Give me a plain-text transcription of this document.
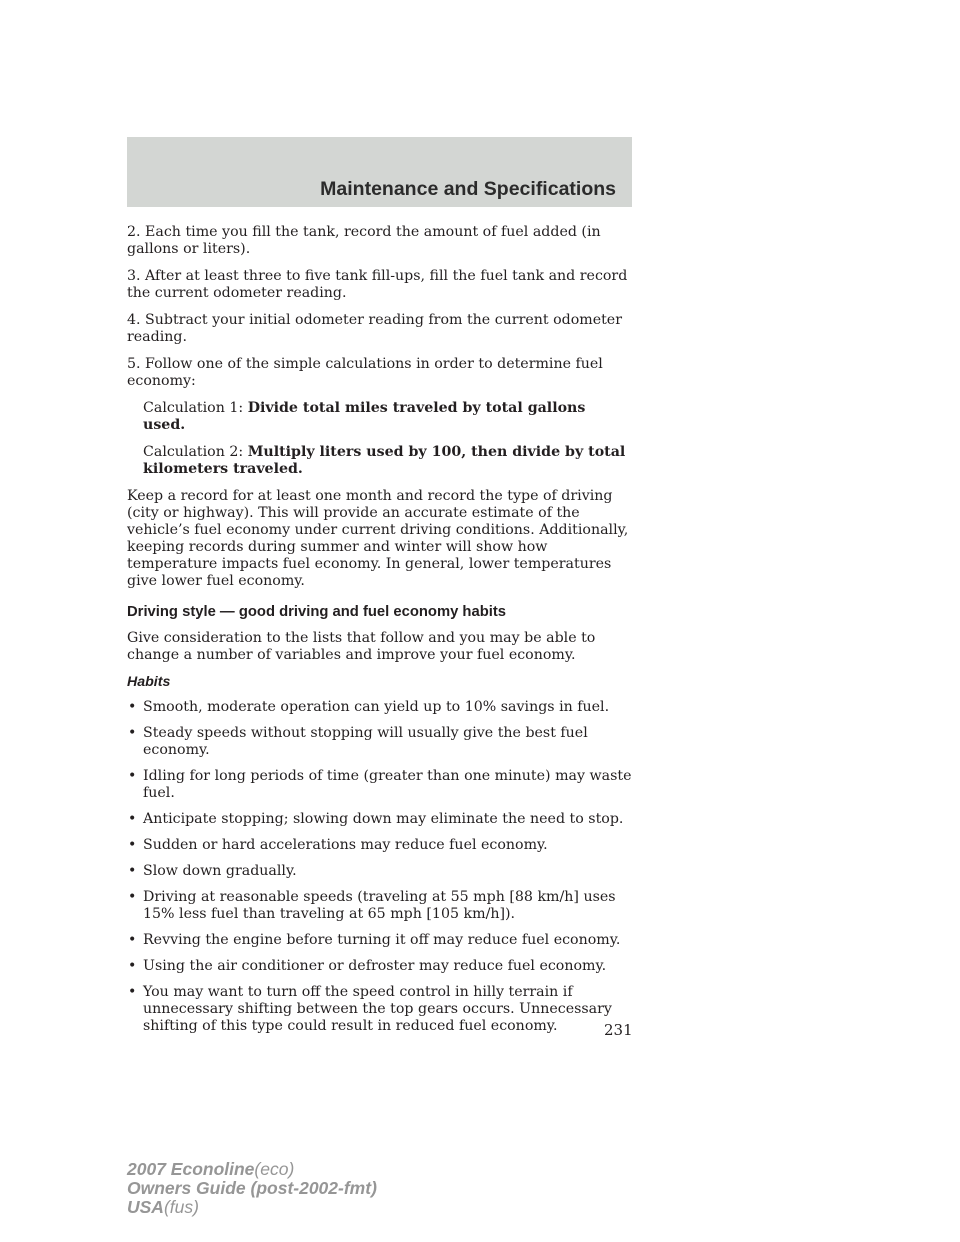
Maintenance and Specifications

2. Each time you fill the tank, record the amount of fuel added (in gallons or liters).

3. After at least three to five tank fill-ups, fill the fuel tank and record the current odometer reading.

4. Subtract your initial odometer reading from the current odometer reading.

5. Follow one of the simple calculations in order to determine fuel economy:

Calculation 1: Divide total miles traveled by total gallons used.

Calculation 2: Multiply liters used by 100, then divide by total kilometers traveled.

Keep a record for at least one month and record the type of driving (city or highway). This will provide an accurate estimate of the vehicle’s fuel economy under current driving conditions. Additionally, keeping records during summer and winter will show how temperature impacts fuel economy. In general, lower temperatures give lower fuel economy.

Driving style — good driving and fuel economy habits

Give consideration to the lists that follow and you may be able to change a number of variables and improve your fuel economy.

Habits
• Smooth, moderate operation can yield up to 10% savings in fuel.
• Steady speeds without stopping will usually give the best fuel economy.
• Idling for long periods of time (greater than one minute) may waste fuel.
• Anticipate stopping; slowing down may eliminate the need to stop.
• Sudden or hard accelerations may reduce fuel economy.
• Slow down gradually.
• Driving at reasonable speeds (traveling at 55 mph [88 km/h] uses 15% less fuel than traveling at 65 mph [105 km/h]).
• Revving the engine before turning it off may reduce fuel economy.
• Using the air conditioner or defroster may reduce fuel economy.
• You may want to turn off the speed control in hilly terrain if unnecessary shifting between the top gears occurs. Unnecessary shifting of this type could result in reduced fuel economy.	231
2007 Econoline(eco)
Owners Guide (post-2002-fmt)
USA(fus)
